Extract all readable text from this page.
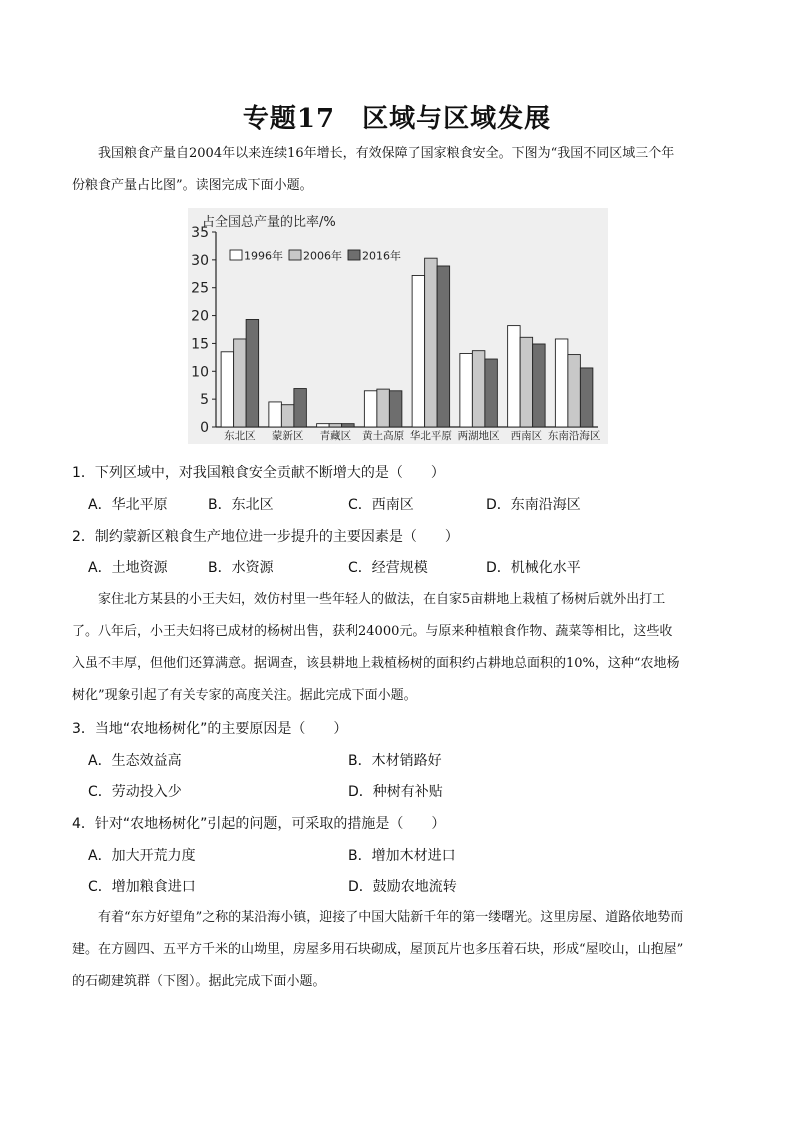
专题17　区域与区域发展
我国粮食产量自2004年以来连续16年增长，有效保障了国家粮食安全。下图为“我国不同区域三个年
份粮食产量占比图”。读图完成下面小题。
占全国总产量的比率/%
0
5
10
15
20
25
30
35
东北区 蒙新区 青藏区 黄土高原 华北平原 两湖地区 西南区 东南沿海区
1996年 2006年 2016年
1．下列区域中，对我国粮食安全贡献不断增大的是（　　）
A．华北平原	B．东北区	C．西南区	D．东南沿海区
2．制约蒙新区粮食生产地位进一步提升的主要因素是（　　）
A．土地资源	B．水资源	C．经营规模	D．机械化水平
家住北方某县的小王夫妇，效仿村里一些年轻人的做法，在自家5亩耕地上栽植了杨树后就外出打工
了。八年后，小王夫妇将已成材的杨树出售，获利24000元。与原来种植粮食作物、蔬菜等相比，这些收
入虽不丰厚，但他们还算满意。据调查，该县耕地上栽植杨树的面积约占耕地总面积的10%，这种“农地杨
树化”现象引起了有关专家的高度关注。据此完成下面小题。
3．当地“农地杨树化”的主要原因是（　　）
A．生态效益高	B．木材销路好
C．劳动投入少	D．种树有补贴
4．针对“农地杨树化”引起的问题，可采取的措施是（　　）
A．加大开荒力度	B．增加木材进口
C．增加粮食进口	D．鼓励农地流转
有着“东方好望角”之称的某沿海小镇，迎接了中国大陆新千年的第一缕曙光。这里房屋、道路依地势而
建。在方圆四、五平方千米的山坳里，房屋多用石块砌成，屋顶瓦片也多压着石块，形成“屋咬山，山抱屋”
的石砌建筑群（下图）。据此完成下面小题。
